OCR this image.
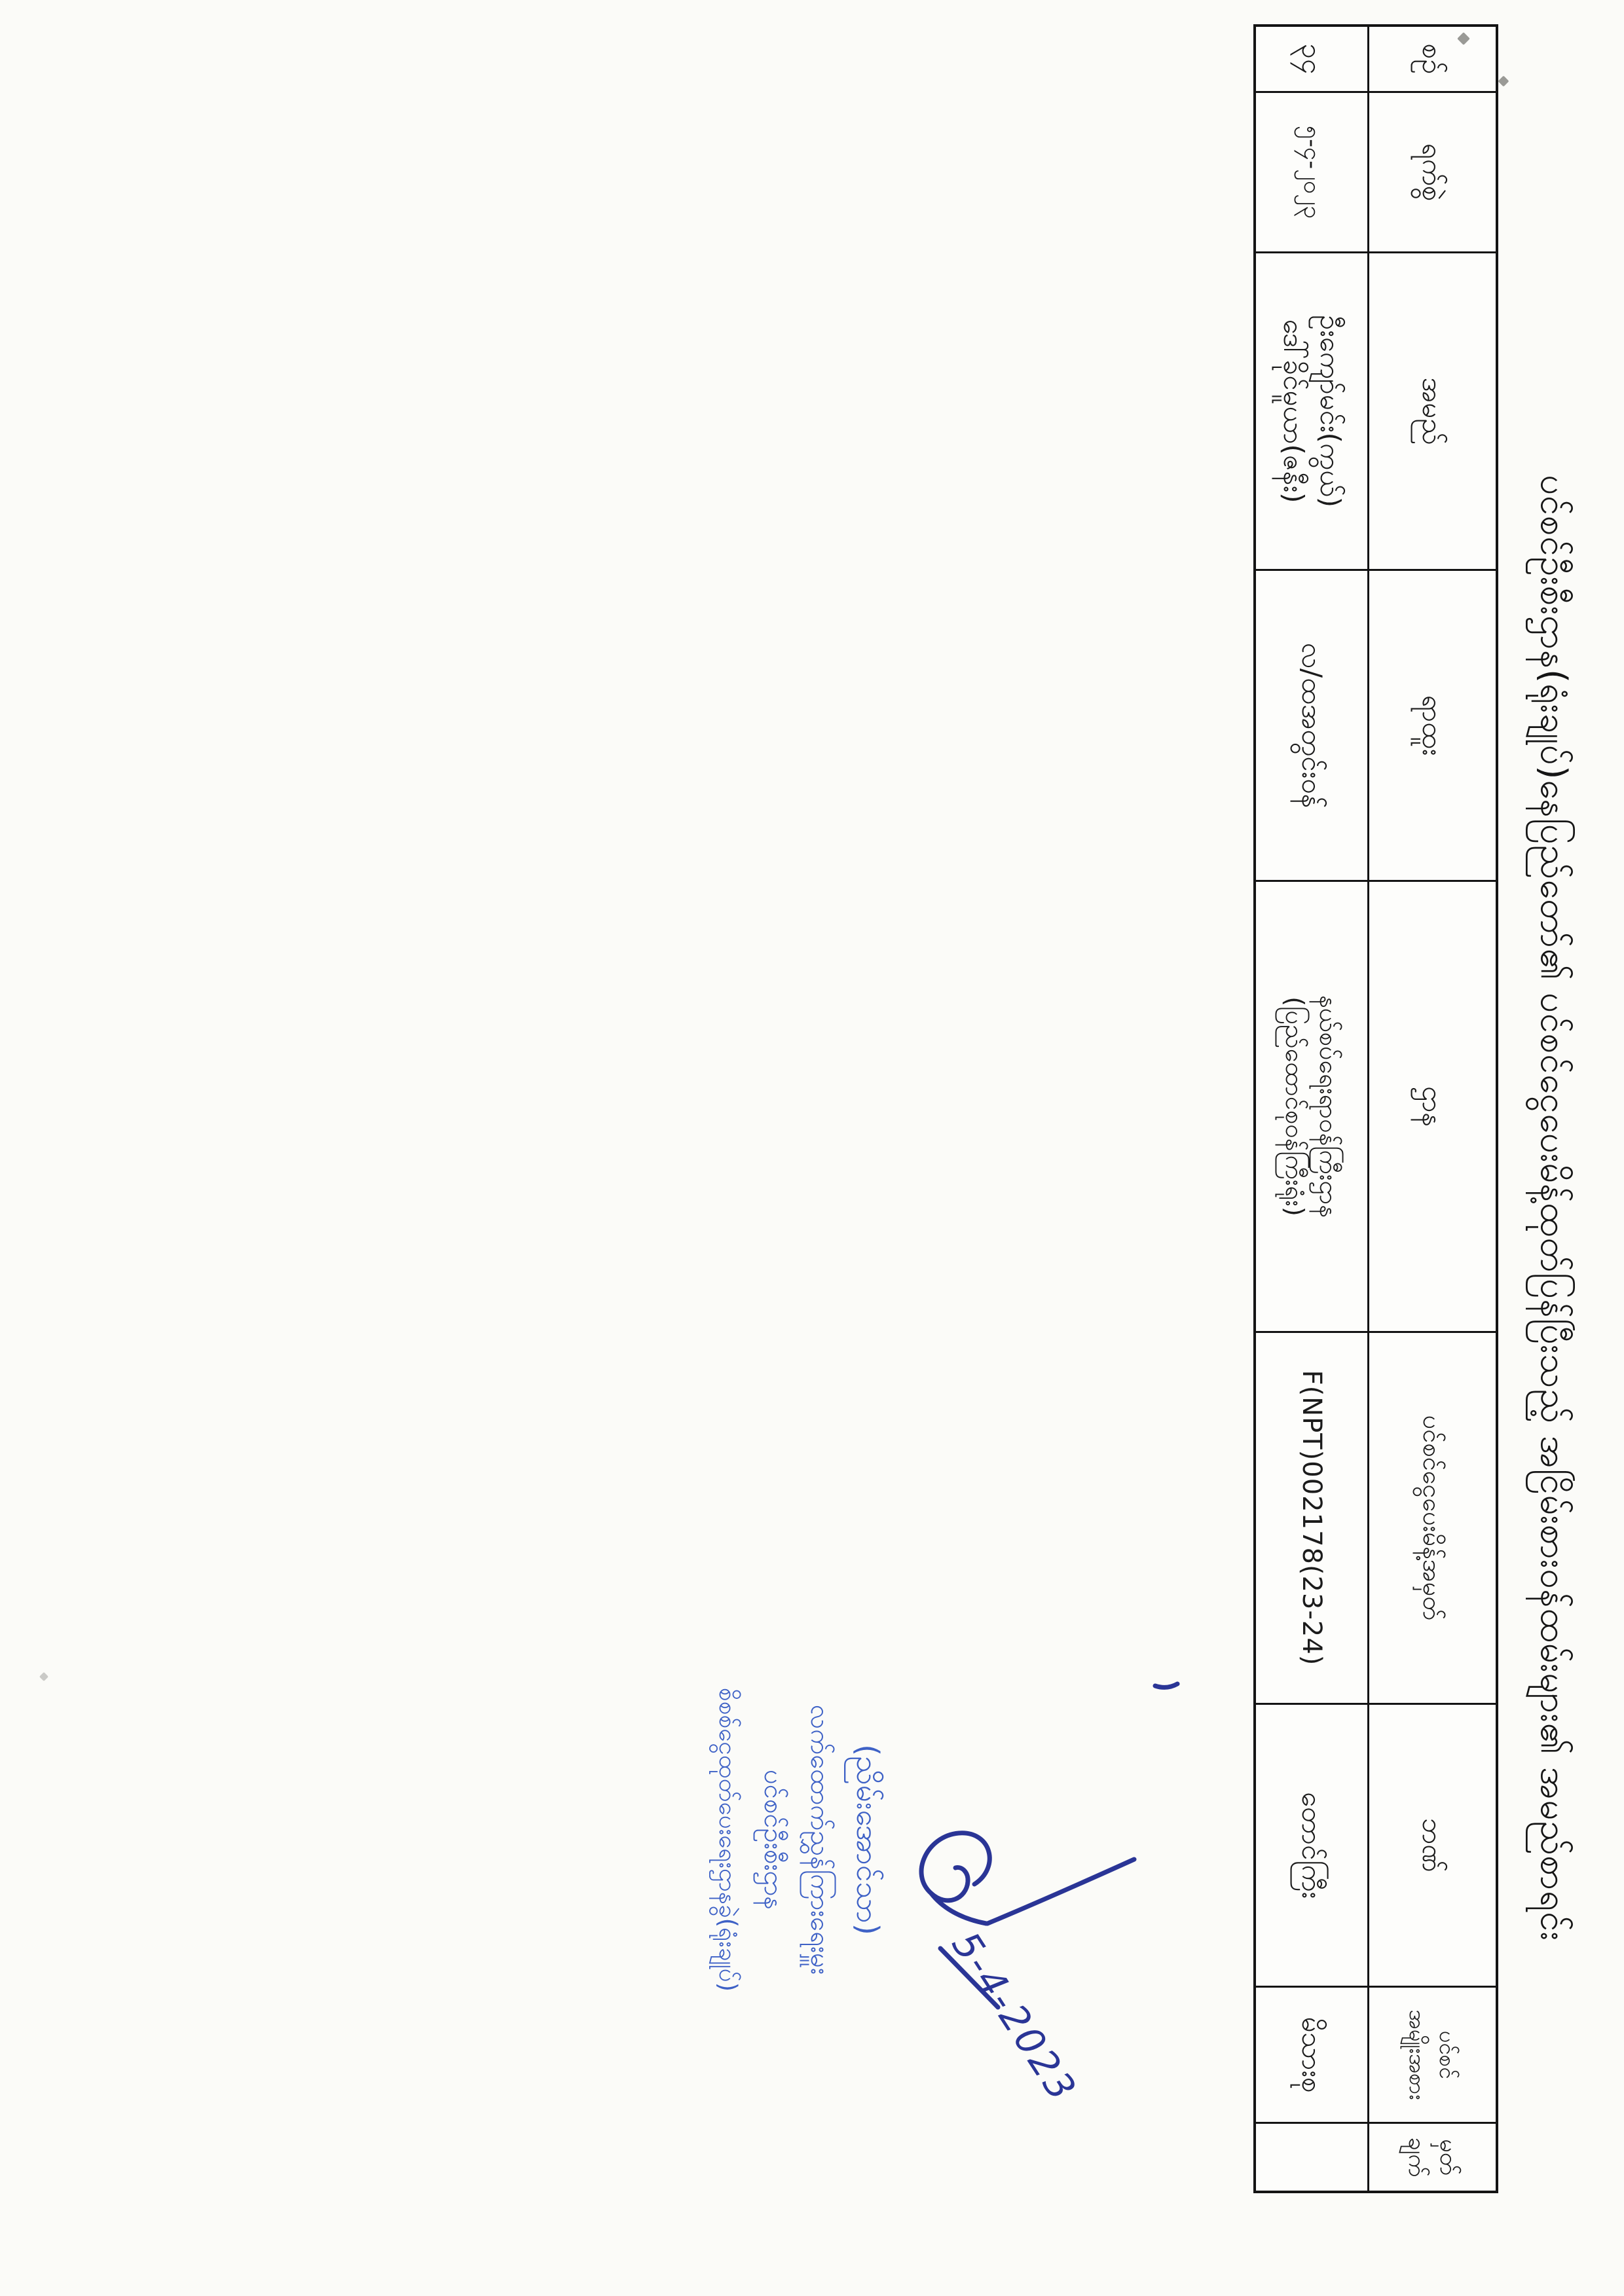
ပင်စင်ဦးစီးဌာန(ရုံးချုပ်)နေပြည်တော်၏ ပင်စင်ငွေပေးမိန့်ထုတ်ပြန်ပြီးသည့် အငြိမ်းစားဝန်ထမ်းများ၏ အမည်စာရင်း
စဉ်
၃၄
ရက်စွဲ
၅-၄-၂၀၂၃
အမည်
ဦးကျော်မင်း(ကွယ်)
ဒေါ်ခိုင်မူယာ(ဇနီး)
ရာထူး
လ/ထအတွင်းဝန်
ဌာန
နယ်စပ်ရေးရာဝန်ကြီးဌာန
(ပြည်ထောင်စုဝန်ကြီးရုံး)
ပင်စင်ငွေပေးမိန့်အမှတ်
F(NPT)002178(23-24)
ဘဏ်
တောင်ကြီး
ပင်စင်
အမျိုးအစား
မိသားစု
မှတ်
ချက်
(ညိမ်းအောင်သာ)
လက်ထောက်ညွှန်ကြားရေးမှူး
ပင်စင်ဦးစီးဌာန
စိစစ်ငွေထုတ်ပေးရေးဌာနခွဲ(ရုံးချုပ်)
5-4-2023
